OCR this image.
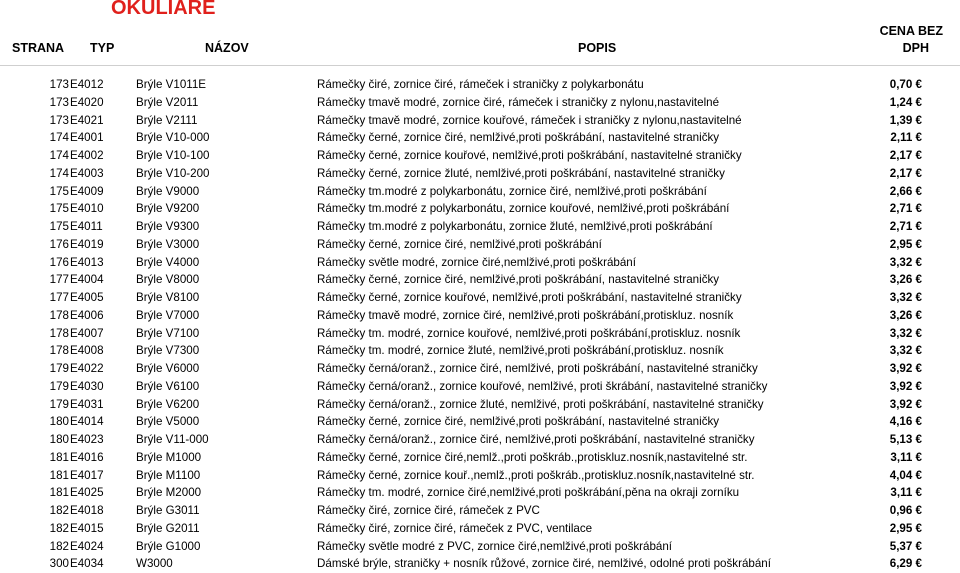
OKULIARE
STRANA TYP	NÁZOV	POPIS
CENA BEZ
DPH
173 E4012	Brýle V1011E	Rámečky čiré, zornice čiré, rámeček i straničky z polykarbonátu	0,70 €
173 E4020	Brýle V2011	Rámečky tmavě modré, zornice čiré, rámeček i straničky z nylonu,nastavitelné	1,24 €
173 E4021	Brýle V2111	Rámečky tmavě modré, zornice kouřové, rámeček i straničky z nylonu,nastavitelné	1,39 €
174 E4001	Brýle V10-000	Rámečky černé, zornice čiré, nemlživé,proti poškrábání, nastavitelné straničky	2,11 €
174 E4002	Brýle V10-100	Rámečky černé, zornice kouřové, nemlživé,proti poškrábání, nastavitelné straničky	2,17 €
174 E4003	Brýle V10-200	Rámečky černé, zornice žluté, nemlživé,proti poškrábání, nastavitelné straničky	2,17 €
175 E4009	Brýle V9000	Rámečky tm.modré z polykarbonátu, zornice čiré, nemlživé,proti poškrábání	2,66 €
175 E4010	Brýle V9200	Rámečky tm.modré z polykarbonátu, zornice kouřové, nemlživé,proti poškrábání	2,71 €
175 E4011	Brýle V9300	Rámečky tm.modré z polykarbonátu, zornice žluté, nemlživé,proti poškrábání	2,71 €
176 E4019	Brýle V3000	Rámečky černé, zornice čiré, nemlživé,proti poškrábání	2,95 €
176 E4013	Brýle V4000	Rámečky světle modré, zornice čiré,nemlživé,proti poškrábání	3,32 €
177 E4004	Brýle V8000	Rámečky černé, zornice čiré, nemlživé,proti poškrábání, nastavitelné straničky	3,26 €
177 E4005	Brýle V8100	Rámečky černé, zornice kouřové, nemlživé,proti poškrábání, nastavitelné straničky	3,32 €
178 E4006	Brýle V7000	Rámečky tmavě modré, zornice čiré, nemlživé,proti poškrábání,protiskluz. nosník	3,26 €
178 E4007	Brýle V7100	Rámečky tm. modré, zornice kouřové, nemlživé,proti poškrábání,protiskluz. nosník	3,32 €
178 E4008	Brýle V7300	Rámečky tm. modré, zornice žluté, nemlživé,proti poškrábání,protiskluz. nosník	3,32 €
179 E4022	Brýle V6000	Rámečky černá/oranž., zornice čiré, nemlživé, proti poškrábání, nastavitelné straničky	3,92 €
179 E4030	Brýle V6100	Rámečky černá/oranž., zornice kouřové, nemlživé, proti škrábání, nastavitelné straničky	3,92 €
179 E4031	Brýle V6200	Rámečky černá/oranž., zornice žluté, nemlživé, proti poškrábání, nastavitelné straničky	3,92 €
180 E4014	Brýle V5000	Rámečky černé, zornice čiré, nemlživé,proti poškrábání, nastavitelné straničky	4,16 €
180 E4023	Brýle V11-000	Rámečky černá/oranž., zornice čiré, nemlživé,proti poškrábání, nastavitelné straničky	5,13 €
181 E4016	Brýle M1000	Rámečky černé, zornice čiré,nemlž.,proti poškráb.,protiskluz.nosník,nastavitelné str.	3,11 €
181 E4017	Brýle M1100	Rámečky černé, zornice kouř.,nemlž.,proti poškráb.,protiskluz.nosník,nastavitelné str.	4,04 €
181 E4025	Brýle M2000	Rámečky tm. modré, zornice čiré,nemlživé,proti poškrábání,pěna na okraji zorníku	3,11 €
182 E4018	Brýle G3011	Rámečky čiré, zornice čiré, rámeček z PVC	0,96 €
182 E4015	Brýle G2011	Rámečky čiré, zornice čiré, rámeček z PVC, ventilace	2,95 €
182 E4024	Brýle G1000	Rámečky světle modré z PVC, zornice čiré,nemlživé,proti poškrábání	5,37 €
300 E4034	W3000	Dámské brýle, straničky + nosník růžové, zornice čiré, nemlživé, odolné proti poškrábání	6,29 €
